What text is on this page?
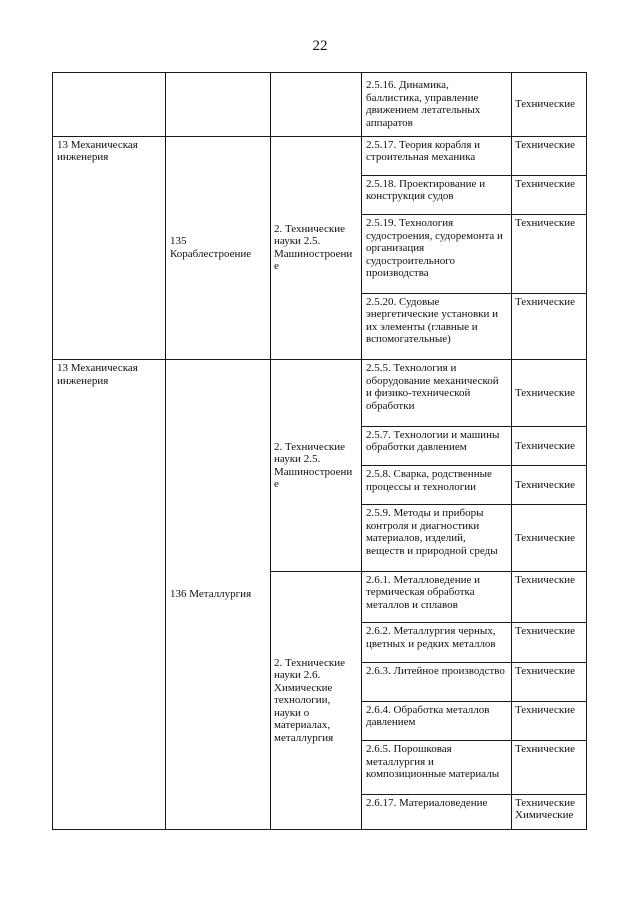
22
			2.5.16. Динамика, баллистика, управление движением летательных аппаратов	Технические
13 Механическая инженерия	135 Кораблестроение	2. Технические науки 2.5. Машиностроение	2.5.17. Теория корабля и строительная механика	Технические
			2.5.18. Проектирование и конструкция судов	Технические
			2.5.19. Технология судостроения, судоремонта и организация судостроительного производства	Технические
			2.5.20. Судовые энергетические установки и их элементы (главные и вспомогательные)	Технические
13 Механическая инженерия	136 Металлургия	2. Технические науки 2.5. Машиностроение	2.5.5. Технология и оборудование механической и физико-технической обработки	Технические
			2.5.7. Технологии и машины обработки давлением	Технические
			2.5.8. Сварка, родственные процессы и технологии	Технические
			2.5.9. Методы и приборы контроля и диагностики материалов, изделий, веществ и природной среды	Технические
		2. Технические науки 2.6. Химические технологии, науки о материалах, металлургия	2.6.1. Металловедение и термическая обработка металлов и сплавов	Технические
			2.6.2. Металлургия черных, цветных и редких металлов	Технические
			2.6.3. Литейное производство	Технические
			2.6.4. Обработка металлов давлением	Технические
			2.6.5. Порошковая металлургия и композиционные материалы	Технические
			2.6.17. Материаловедение	Технические Химические
